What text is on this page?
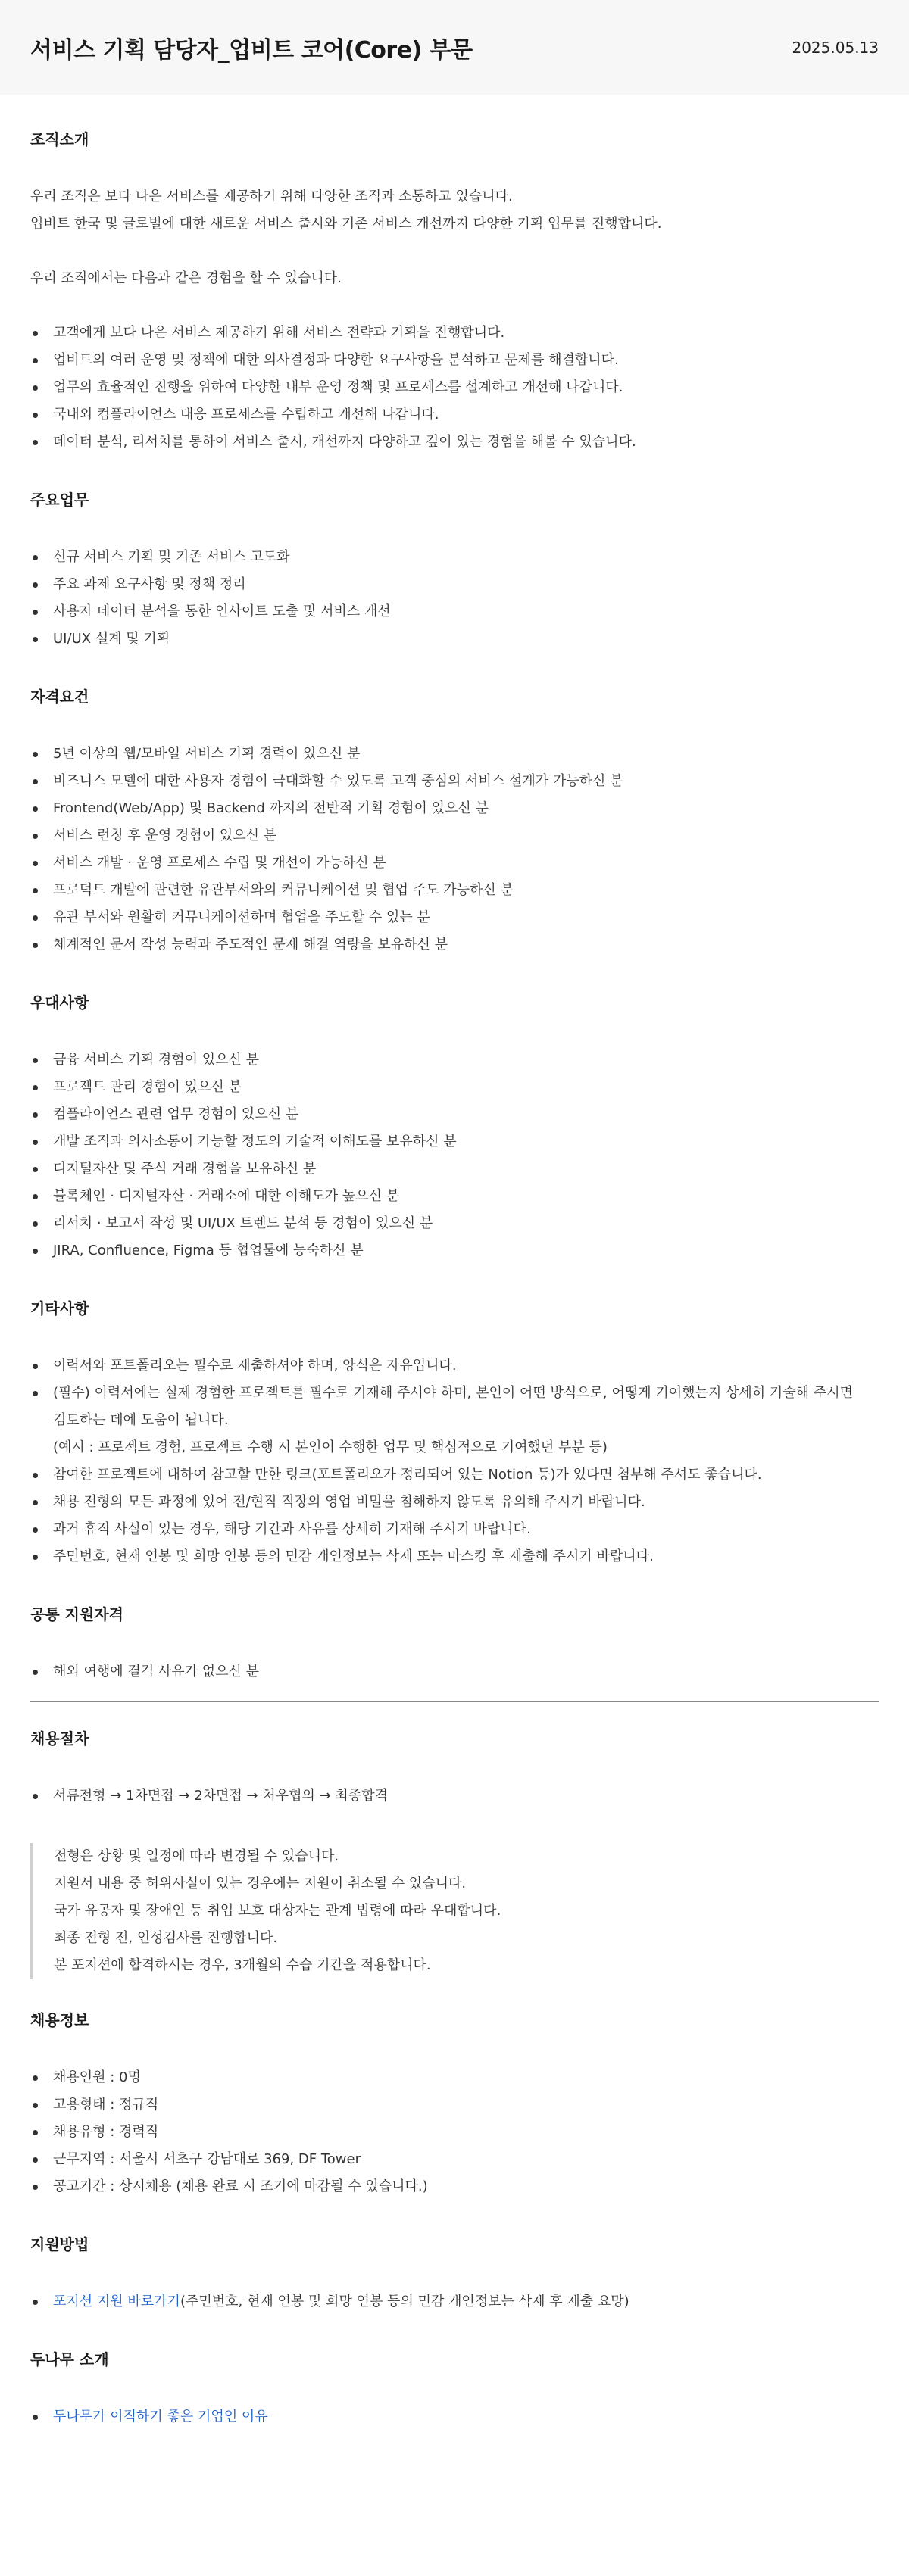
서비스 기획 담당자_업비트 코어(Core) 부문	2025.05.13
조직소개

우리 조직은 보다 나은 서비스를 제공하기 위해 다양한 조직과 소통하고 있습니다.
업비트 한국 및 글로벌에 대한 새로운 서비스 출시와 기존 서비스 개선까지 다양한 기획 업무를 진행합니다.

우리 조직에서는 다음과 같은 경험을 할 수 있습니다.

고객에게 보다 나은 서비스 제공하기 위해 서비스 전략과 기획을 진행합니다.
업비트의 여러 운영 및 정책에 대한 의사결정과 다양한 요구사항을 분석하고 문제를 해결합니다.
업무의 효율적인 진행을 위하여 다양한 내부 운영 정책 및 프로세스를 설계하고 개선해 나갑니다.
국내외 컴플라이언스 대응 프로세스를 수립하고 개선해 나갑니다.
데이터 분석, 리서치를 통하여 서비스 출시, 개선까지 다양하고 깊이 있는 경험을 해볼 수 있습니다.
주요업무
신규 서비스 기획 및 기존 서비스 고도화
주요 과제 요구사항 및 정책 정리
사용자 데이터 분석을 통한 인사이트 도출 및 서비스 개선
UI/UX 설계 및 기획
자격요건
5년 이상의 웹/모바일 서비스 기획 경력이 있으신 분
비즈니스 모델에 대한 사용자 경험이 극대화할 수 있도록 고객 중심의 서비스 설계가 가능하신 분
Frontend(Web/App) 및 Backend 까지의 전반적 기획 경험이 있으신 분
서비스 런칭 후 운영 경험이 있으신 분
서비스 개발 · 운영 프로세스 수립 및 개선이 가능하신 분
프로덕트 개발에 관련한 유관부서와의 커뮤니케이션 및 협업 주도 가능하신 분
유관 부서와 원활히 커뮤니케이션하며 협업을 주도할 수 있는 분
체계적인 문서 작성 능력과 주도적인 문제 해결 역량을 보유하신 분
우대사항
금융 서비스 기획 경험이 있으신 분
프로젝트 관리 경험이 있으신 분
컴플라이언스 관련 업무 경험이 있으신 분
개발 조직과 의사소통이 가능할 정도의 기술적 이해도를 보유하신 분
디지털자산 및 주식 거래 경험을 보유하신 분
블록체인 · 디지털자산 · 거래소에 대한 이해도가 높으신 분
리서치 · 보고서 작성 및 UI/UX 트렌드 분석 등 경험이 있으신 분
JIRA, Confluence, Figma 등 협업툴에 능숙하신 분
기타사항
이력서와 포트폴리오는 필수로 제출하셔야 하며, 양식은 자유입니다.
(필수) 이력서에는 실제 경험한 프로젝트를 필수로 기재해 주셔야 하며, 본인이 어떤 방식으로, 어떻게 기여했는지 상세히 기술해 주시면
검토하는 데에 도움이 됩니다.
(예시 : 프로젝트 경험, 프로젝트 수행 시 본인이 수행한 업무 및 핵심적으로 기여했던 부분 등)
참여한 프로젝트에 대하여 참고할 만한 링크(포트폴리오가 정리되어 있는 Notion 등)가 있다면 첨부해 주셔도 좋습니다.
채용 전형의 모든 과정에 있어 전/현직 직장의 영업 비밀을 침해하지 않도록 유의해 주시기 바랍니다.
과거 휴직 사실이 있는 경우, 해당 기간과 사유를 상세히 기재해 주시기 바랍니다.
주민번호, 현재 연봉 및 희망 연봉 등의 민감 개인정보는 삭제 또는 마스킹 후 제출해 주시기 바랍니다.
공통 지원자격
해외 여행에 결격 사유가 없으신 분
채용절차
서류전형 → 1차면접 → 2차면접 → 처우협의 → 최종합격
전형은 상황 및 일정에 따라 변경될 수 있습니다.
지원서 내용 중 허위사실이 있는 경우에는 지원이 취소될 수 있습니다.
국가 유공자 및 장애인 등 취업 보호 대상자는 관계 법령에 따라 우대합니다.
최종 전형 전, 인성검사를 진행합니다.
본 포지션에 합격하시는 경우, 3개월의 수습 기간을 적용합니다.
채용정보
채용인원 : 0명
고용형태 : 정규직
채용유형 : 경력직
근무지역 : 서울시 서초구 강남대로 369, DF Tower
공고기간 : 상시채용 (채용 완료 시 조기에 마감될 수 있습니다.)
지원방법
포지션 지원 바로가기(주민번호, 현재 연봉 및 희망 연봉 등의 민감 개인정보는 삭제 후 제출 요망)
두나무 소개
두나무가 이직하기 좋은 기업인 이유
